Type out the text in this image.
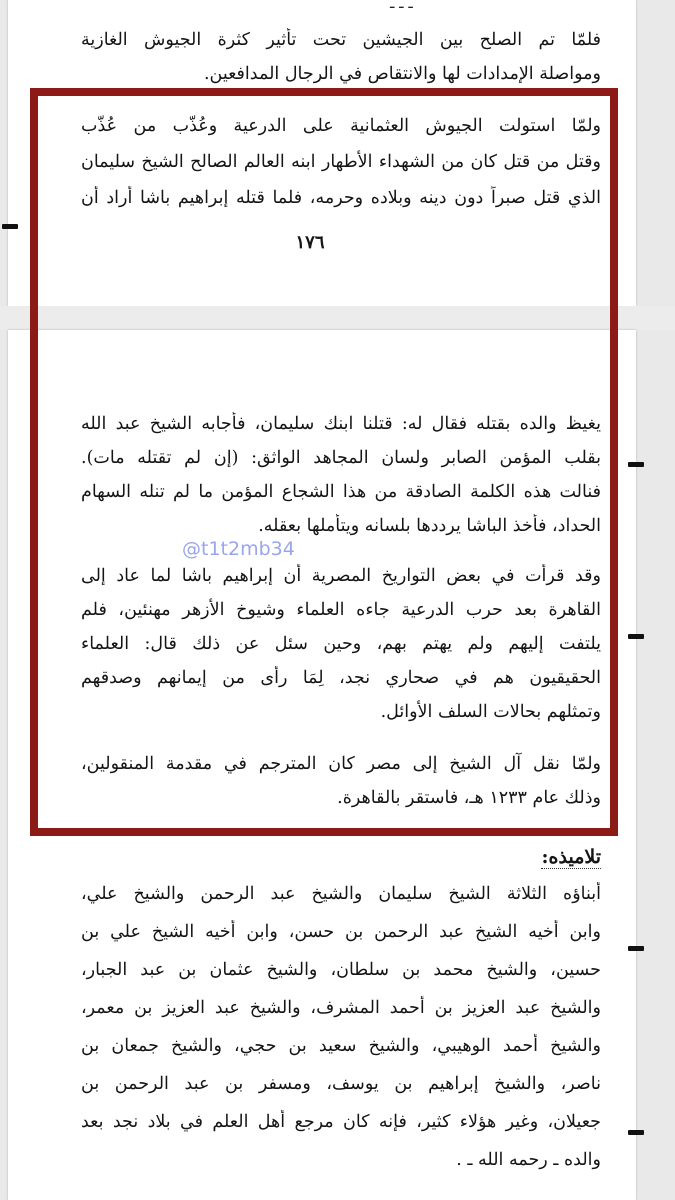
ـ ـ ـ
فلمّا تم الصلح بين الجيشين تحت تأثير كثرة الجيوش الغازية
ومواصلة الإمدادات لها والانتقاص في الرجال المدافعين.
ولمّا استولت الجيوش العثمانية على الدرعية وعُذّب من عُذّب
وقتل من قتل كان من الشهداء الأطهار ابنه العالم الصالح الشيخ سليمان
الذي قتل صبراً دون دينه وبلاده وحرمه، فلما قتله إبراهيم باشا أراد أن
١٧٦
يغيظ والده بقتله فقال له: قتلنا ابنك سليمان، فأجابه الشيخ عبد الله
بقلب المؤمن الصابر ولسان المجاهد الواثق: (إن لم تقتله مات).
فنالت هذه الكلمة الصادقة من هذا الشجاع المؤمن ما لم تنله السهام
الحداد، فأخذ الباشا يرددها بلسانه ويتأملها بعقله.
وقد قرأت في بعض التواريخ المصرية أن إبراهيم باشا لما عاد إلى
القاهرة بعد حرب الدرعية جاءه العلماء وشيوخ الأزهر مهنئين، فلم
يلتفت إليهم ولم يهتم بهم، وحين سئل عن ذلك قال: العلماء
الحقيقيون هم في صحاري نجد، لِمَا رأى من إيمانهم وصدقهم
وتمثلهم بحالات السلف الأوائل.
ولمّا نقل آل الشيخ إلى مصر كان المترجم في مقدمة المنقولين،
وذلك عام ١٢٣٣ هـ، فاستقر بالقاهرة.
تلاميذه:
أبناؤه الثلاثة الشيخ سليمان والشيخ عبد الرحمن والشيخ علي،
وابن أخيه الشيخ عبد الرحمن بن حسن، وابن أخيه الشيخ علي بن
حسين، والشيخ محمد بن سلطان، والشيخ عثمان بن عبد الجبار،
والشيخ عبد العزيز بن أحمد المشرف، والشيخ عبد العزيز بن معمر،
والشيخ أحمد الوهيبي، والشيخ سعيد بن حجي، والشيخ جمعان بن
ناصر، والشيخ إبراهيم بن يوسف، ومسفر بن عبد الرحمن بن
جعيلان، وغير هؤلاء كثير، فإنه كان مرجع أهل العلم في بلاد نجد بعد
والده ـ رحمه الله ـ .
@t1t2mb34
